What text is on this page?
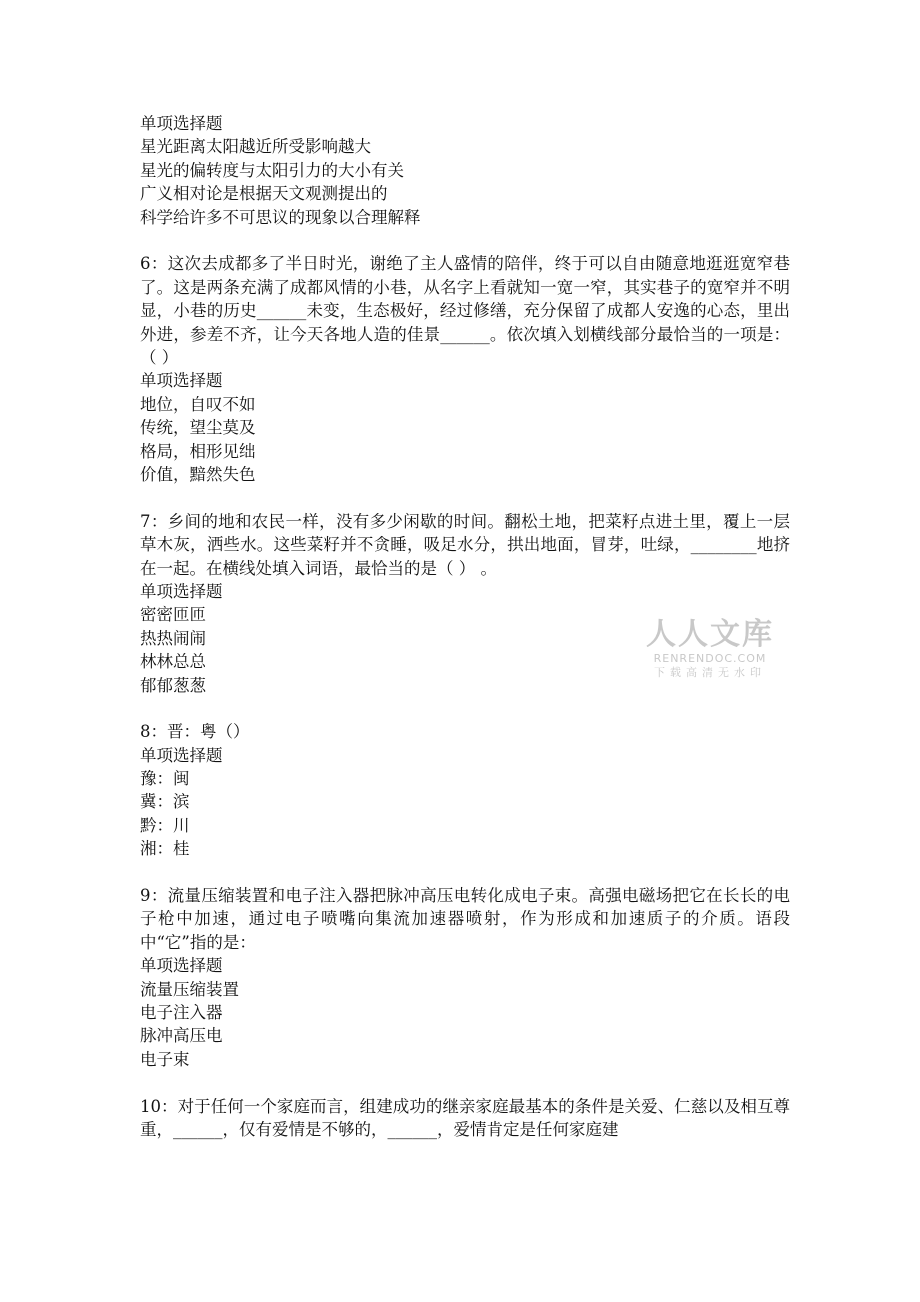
单项选择题
星光距离太阳越近所受影响越大
星光的偏转度与太阳引力的大小有关
广义相对论是根据天文观测提出的
科学给许多不可思议的现象以合理解释
6：这次去成都多了半日时光，谢绝了主人盛情的陪伴，终于可以自由随意地逛逛宽窄巷了。这是两条充满了成都风情的小巷，从名字上看就知一宽一窄，其实巷子的宽窄并不明显，小巷的历史______未变，生态极好，经过修缮，充分保留了成都人安逸的心态，里出外进，参差不齐，让今天各地人造的佳景______。依次填入划横线部分最恰当的一项是：（ ）
单项选择题
地位，自叹不如
传统，望尘莫及
格局，相形见绌
价值，黯然失色
7：乡间的地和农民一样，没有多少闲歇的时间。翻松土地，把菜籽点进土里，覆上一层草木灰，洒些水。这些菜籽并不贪睡，吸足水分，拱出地面，冒芽，吐绿，________地挤在一起。在横线处填入词语，最恰当的是（ ） 。
单项选择题
密密匝匝
热热闹闹
林林总总
郁郁葱葱
8：晋：粤（）
单项选择题
豫：闽
冀：滨
黔：川
湘：桂
9：流量压缩装置和电子注入器把脉冲高压电转化成电子束。高强电磁场把它在长长的电子枪中加速，通过电子喷嘴向集流加速器喷射，作为形成和加速质子的介质。语段中“它”指的是：
单项选择题
流量压缩装置
电子注入器
脉冲高压电
电子束
10：对于任何一个家庭而言，组建成功的继亲家庭最基本的条件是关爱、仁慈以及相互尊重，______，仅有爱情是不够的，______，爱情肯定是任何家庭建
人人文库
RENRENDOC.COM
下载高清无水印
